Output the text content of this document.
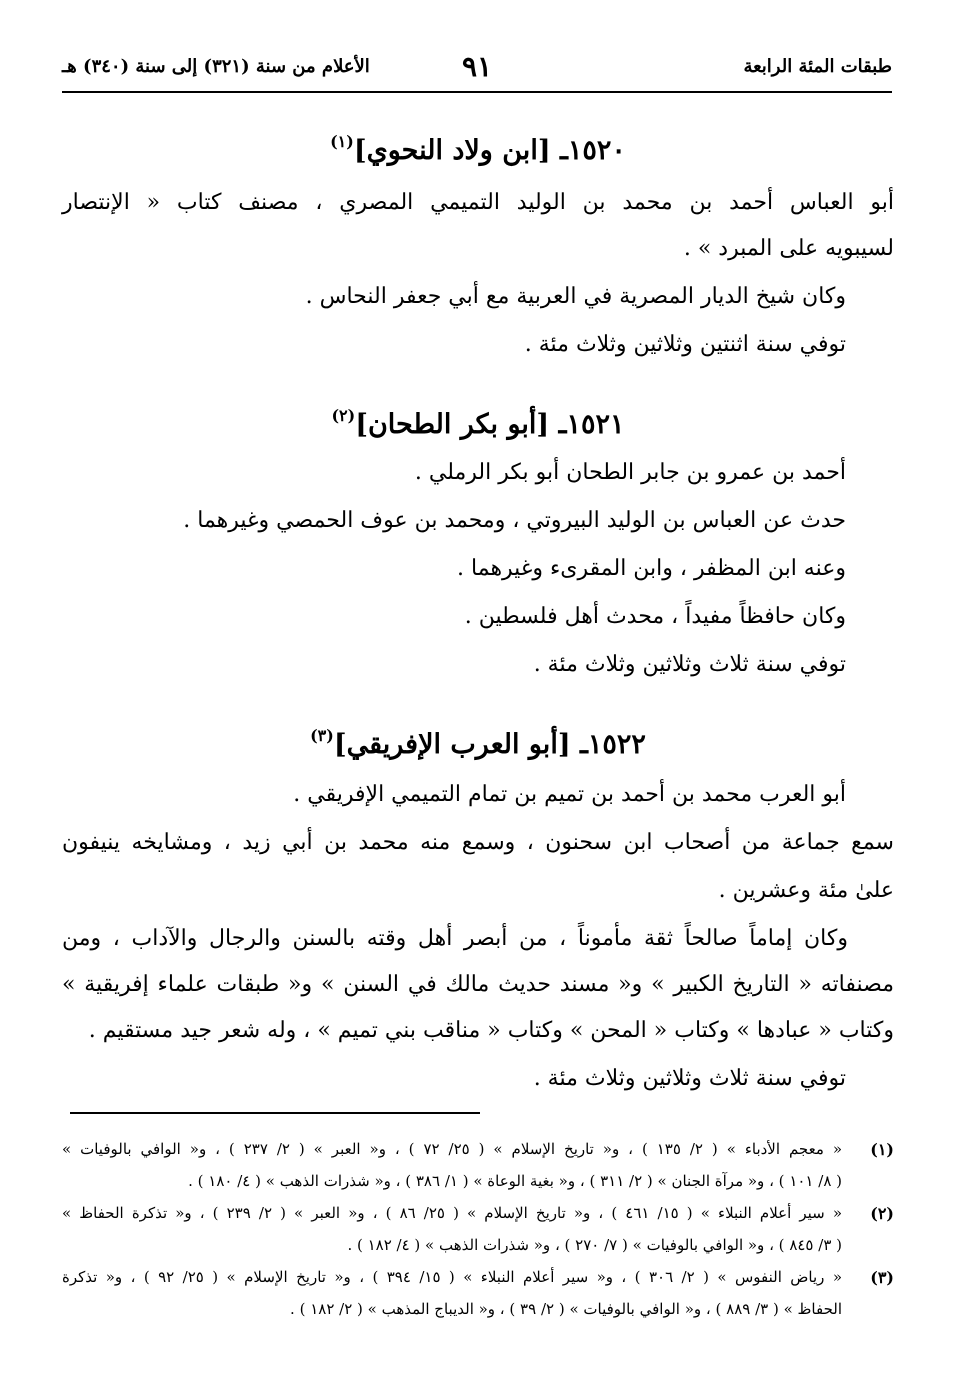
طبقات المئة الرابعة
٩١
الأعلام من سنة (٣٢١) إلى سنة (٣٤٠) هـ
١٥٢٠ـ [ابن ولاد النحوي]$^{(١)}$
أبو العباس أحمد بن محمد بن الوليد التميمي المصري ، مصنف كتاب « الإنتصار
لسيبويه على المبرد » .
وكان شيخ الديار المصرية في العربية مع أبي جعفر النحاس .
توفي سنة اثنتين وثلاثين وثلاث مئة .
١٥٢١ـ [أبو بكر الطحان]$^{(٢)}$
أحمد بن عمرو بن جابر الطحان أبو بكر الرملي .
حدث عن العباس بن الوليد البيروتي ، ومحمد بن عوف الحمصي وغيرهما .
وعنه ابن المظفر ، وابن المقرىء وغيرهما .
وكان حافظاً مفيداً ، محدث أهل فلسطين .
توفي سنة ثلاث وثلاثين وثلاث مئة .
١٥٢٢ـ [أبو العرب الإفريقي]$^{(٣)}$
أبو العرب محمد بن أحمد بن تميم بن تمام التميمي الإفريقي .
سمع جماعة من أصحاب ابن سحنون ، وسمع منه محمد بن أبي زيد ، ومشايخه ينيفون
علىٰ مئة وعشرين .
وكان إماماً صالحاً ثقة مأموناً ، من أبصر أهل وقته بالسنن والرجال والآداب ، ومن
مصنفاته « التاريخ الكبير » و« مسند حديث مالك في السنن » و« طبقات علماء إفريقية »
وكتاب « عبادها » وكتاب « المحن » وكتاب « مناقب بني تميم » ، وله شعر جيد مستقيم .
توفي سنة ثلاث وثلاثين وثلاث مئة .
(١)
« معجم الأدباء » ( ٢/ ١٣٥ ) ، و« تاريخ الإسلام » ( ٢٥/ ٧٢ ) ، و« العبر » ( ٢/ ٢٣٧ ) ، و« الوافي بالوفيات »
( ٨/ ١٠١ ) ، و« مرآة الجنان » ( ٢/ ٣١١ ) ، و« بغية الوعاة » ( ١/ ٣٨٦ ) ، و« شذرات الذهب » ( ٤/ ١٨٠ ) .
(٢)
« سير أعلام النبلاء » ( ١٥/ ٤٦١ ) ، و« تاريخ الإسلام » ( ٢٥/ ٨٦ ) ، و« العبر » ( ٢/ ٢٣٩ ) ، و« تذكرة الحفاظ »
( ٣/ ٨٤٥ ) ، و« الوافي بالوفيات » ( ٧/ ٢٧٠ ) ، و« شذرات الذهب » ( ٤/ ١٨٢ ) .
(٣)
« رياض النفوس » ( ٢/ ٣٠٦ ) ، و« سير أعلام النبلاء » ( ١٥/ ٣٩٤ ) ، و« تاريخ الإسلام » ( ٢٥/ ٩٢ ) ، و« تذكرة
الحفاظ » ( ٣/ ٨٨٩ ) ، و« الوافي بالوفيات » ( ٢/ ٣٩ ) ، و« الديباج المذهب » ( ٢/ ١٨٢ ) .
